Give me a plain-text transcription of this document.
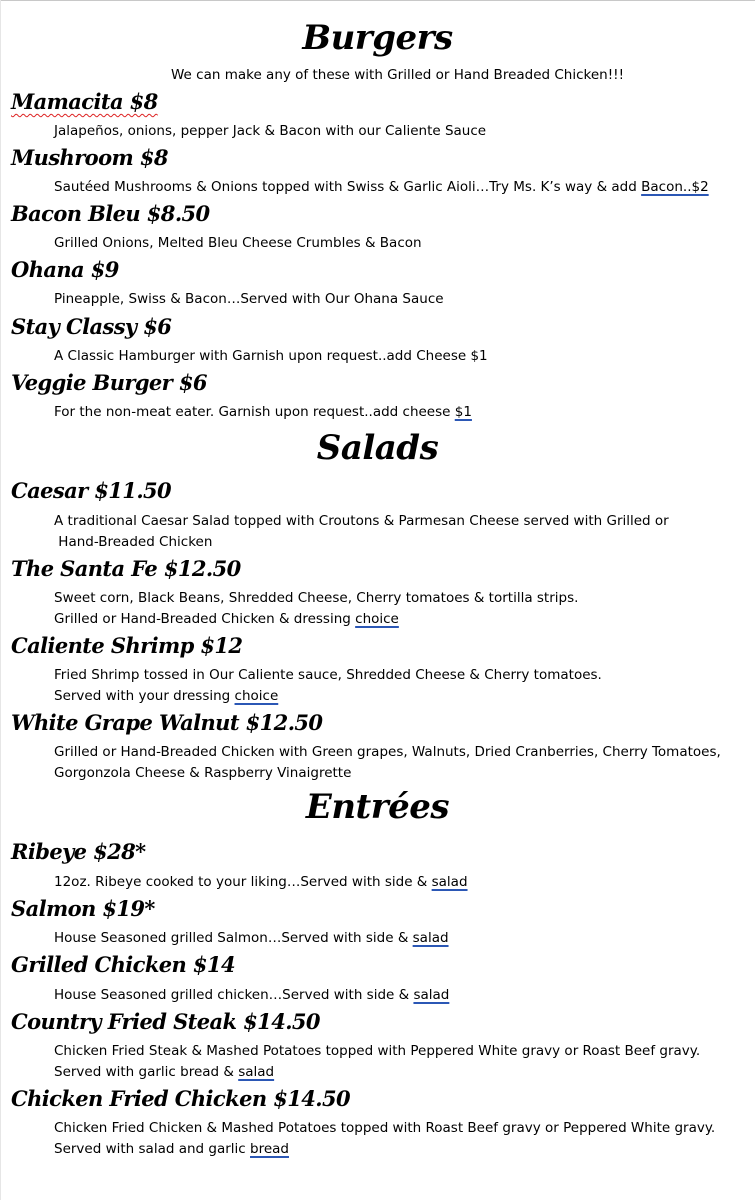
Burgers
We can make any of these with Grilled or Hand Breaded Chicken!!!
Mamacita $8
Jalapeños, onions, pepper Jack & Bacon with our Caliente Sauce
Mushroom $8
Sautéed Mushrooms & Onions topped with Swiss & Garlic Aioli…Try Ms. K’s way & add Bacon..$2
Bacon Bleu $8.50
Grilled Onions, Melted Bleu Cheese Crumbles & Bacon
Ohana $9
Pineapple, Swiss & Bacon…Served with Our Ohana Sauce
Stay Classy $6
A Classic Hamburger with Garnish upon request..add Cheese $1
Veggie Burger $6
For the non-meat eater. Garnish upon request..add cheese $1
Salads
Caesar $11.50
A traditional Caesar Salad topped with Croutons & Parmesan Cheese served with Grilled or
Hand-Breaded Chicken
The Santa Fe $12.50
Sweet corn, Black Beans, Shredded Cheese, Cherry tomatoes & tortilla strips.
Grilled or Hand-Breaded Chicken & dressing choice
Caliente Shrimp $12
Fried Shrimp tossed in Our Caliente sauce, Shredded Cheese & Cherry tomatoes.
Served with your dressing choice
White Grape Walnut $12.50
Grilled or Hand-Breaded Chicken with Green grapes, Walnuts, Dried Cranberries, Cherry Tomatoes,
Gorgonzola Cheese & Raspberry Vinaigrette
Entrées
Ribeye $28*
12oz. Ribeye cooked to your liking…Served with side & salad
Salmon $19*
House Seasoned grilled Salmon…Served with side & salad
Grilled Chicken $14
House Seasoned grilled chicken…Served with side & salad
Country Fried Steak $14.50
Chicken Fried Steak & Mashed Potatoes topped with Peppered White gravy or Roast Beef gravy.
Served with garlic bread & salad
Chicken Fried Chicken $14.50
Chicken Fried Chicken & Mashed Potatoes topped with Roast Beef gravy or Peppered White gravy.
Served with salad and garlic bread
